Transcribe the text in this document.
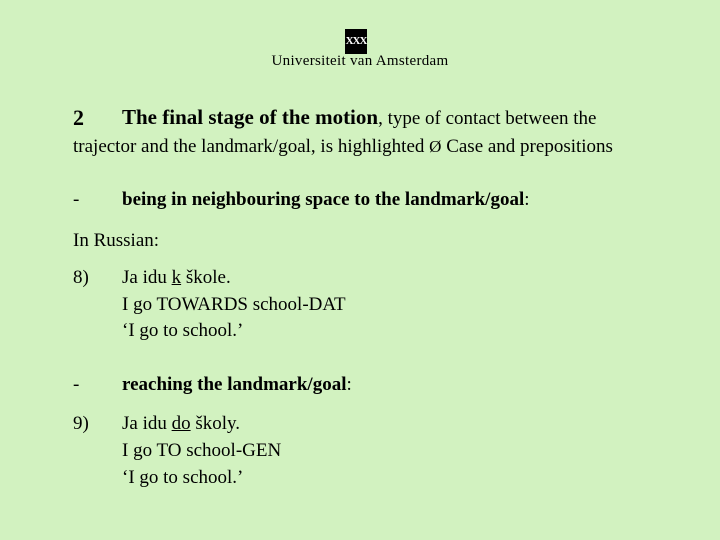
XXX
Universiteit van Amsterdam
2 The final stage of the motion, type of contact between the
trajector and the landmark/goal, is highlighted Ø Case and prepositions
- being in neighbouring space to the landmark/goal:
In Russian:
8) Ja idu k škole.
I go TOWARDS school-DAT
‘I go to school.’
- reaching the landmark/goal:
9) Ja idu do školy.
I go TO school-GEN
‘I go to school.’
